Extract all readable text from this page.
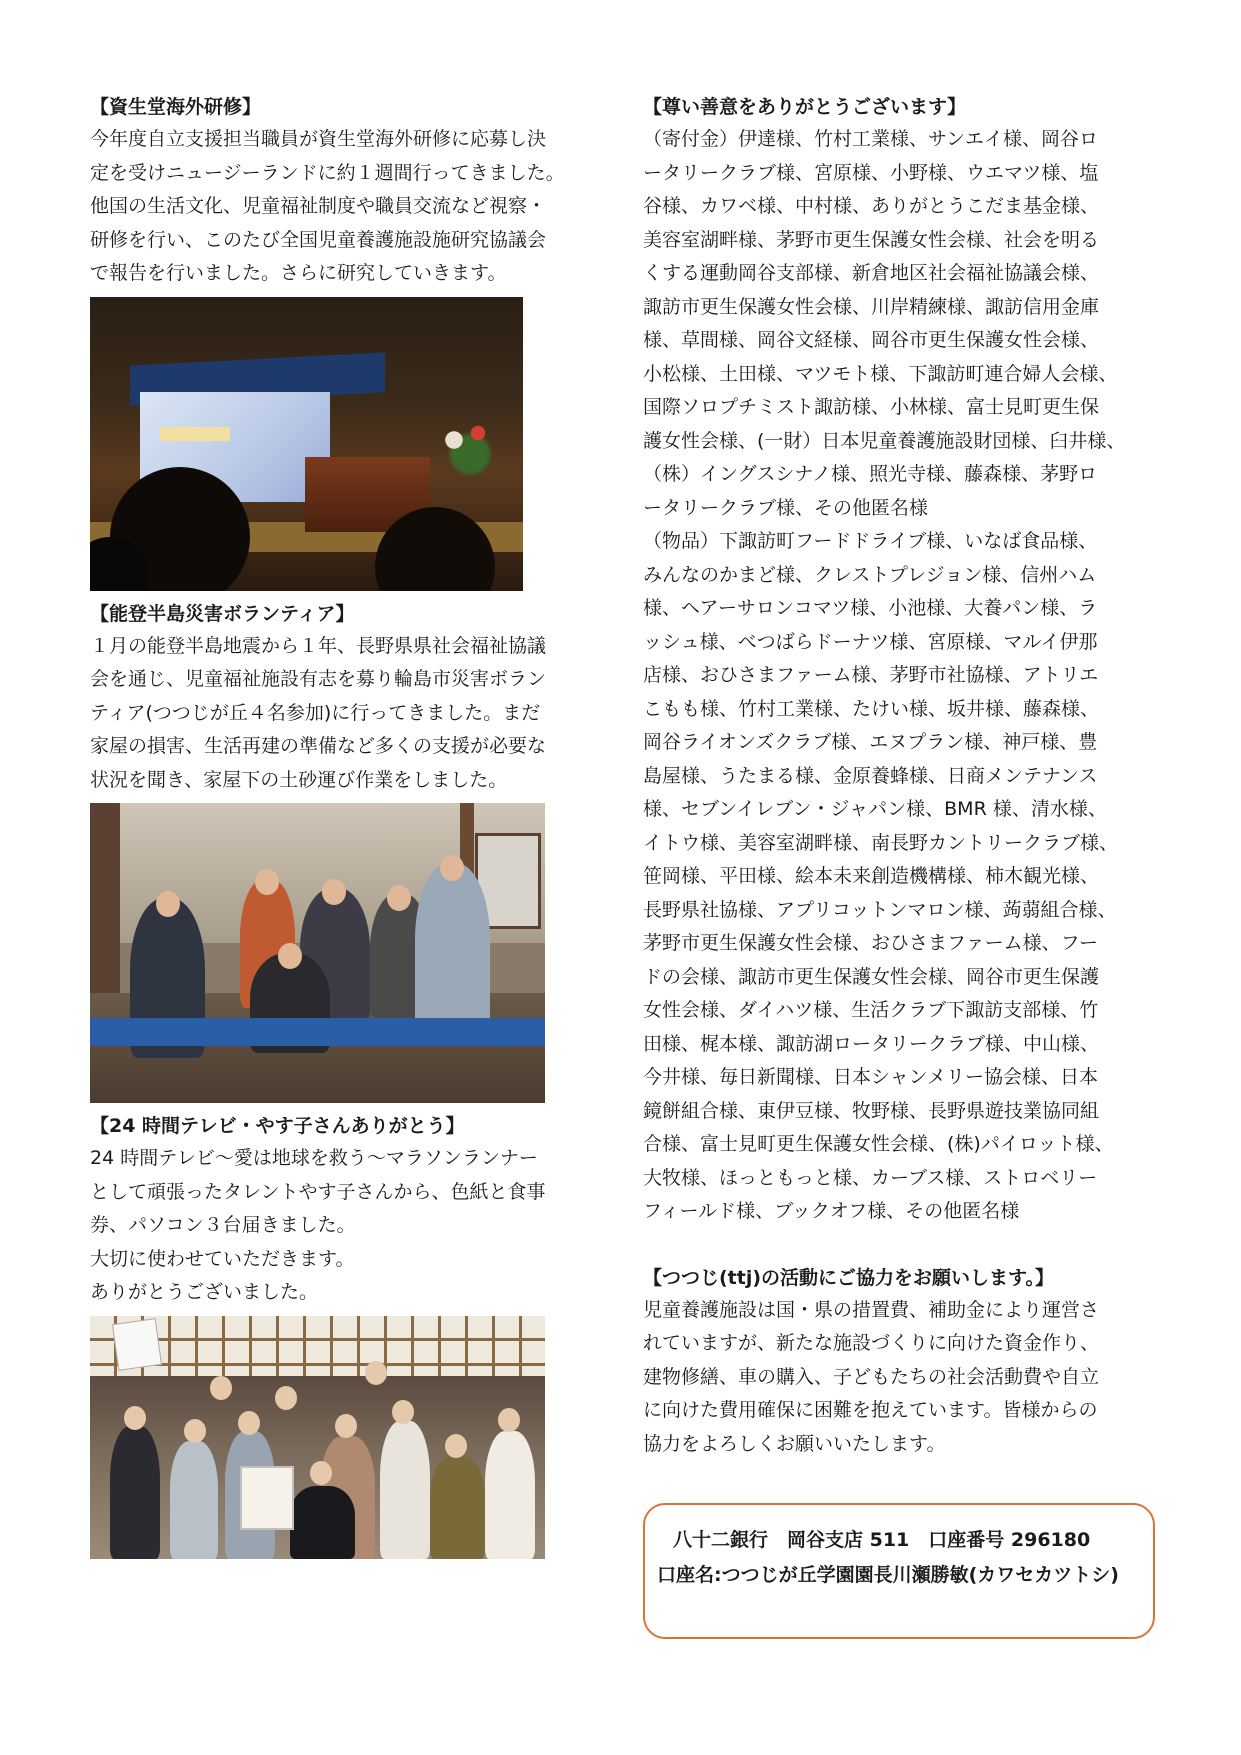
【資生堂海外研修】

今年度自立支援担当職員が資生堂海外研修に応募し決
定を受けニュージーランドに約１週間行ってきました。
他国の生活文化、児童福祉制度や職員交流など視察・
研修を行い、このたび全国児童養護施設施研究協議会
で報告を行いました。さらに研究していきます。

【能登半島災害ボランティア】

１月の能登半島地震から１年、長野県県社会福祉協議
会を通じ、児童福祉施設有志を募り輪島市災害ボラン
ティア(つつじが丘４名参加)に行ってきました。まだ
家屋の損害、生活再建の準備など多くの支援が必要な
状況を聞き、家屋下の土砂運び作業をしました。

【24 時間テレビ・やす子さんありがとう】

24 時間テレビ～愛は地球を救う～マラソンランナー
として頑張ったタレントやす子さんから、色紙と食事
券、パソコン３台届きました。
大切に使わせていただきます。
ありがとうございました。

【尊い善意をありがとうございます】

（寄付金）伊達様、竹村工業様、サンエイ様、岡谷ロ
ータリークラブ様、宮原様、小野様、ウエマツ様、塩
谷様、カワベ様、中村様、ありがとうこだま基金様、
美容室湖畔様、茅野市更生保護女性会様、社会を明る
くする運動岡谷支部様、新倉地区社会福祉協議会様、
諏訪市更生保護女性会様、川岸精練様、諏訪信用金庫
様、草間様、岡谷文経様、岡谷市更生保護女性会様、
小松様、土田様、マツモト様、下諏訪町連合婦人会様、
国際ソロプチミスト諏訪様、小林様、富士見町更生保
護女性会様、(一財）日本児童養護施設財団様、臼井様、
（株）イングスシナノ様、照光寺様、藤森様、茅野ロ
ータリークラブ様、その他匿名様
（物品）下諏訪町フードドライブ様、いなば食品様、
みんなのかまど様、クレストプレジョン様、信州ハム
様、ヘアーサロンコマツ様、小池様、大養パン様、ラ
ッシュ様、べつばらドーナツ様、宮原様、マルイ伊那
店様、おひさまファーム様、茅野市社協様、アトリエ
こもも様、竹村工業様、たけい様、坂井様、藤森様、
岡谷ライオンズクラブ様、エヌプラン様、神戸様、豊
島屋様、うたまる様、金原養蜂様、日商メンテナンス
様、セブンイレブン・ジャパン様、BMR 様、清水様、
イトウ様、美容室湖畔様、南長野カントリークラブ様、
笹岡様、平田様、絵本未来創造機構様、柿木観光様、
長野県社協様、アプリコットンマロン様、蒟蒻組合様、
茅野市更生保護女性会様、おひさまファーム様、フー
ドの会様、諏訪市更生保護女性会様、岡谷市更生保護
女性会様、ダイハツ様、生活クラブ下諏訪支部様、竹
田様、梶本様、諏訪湖ロータリークラブ様、中山様、
今井様、毎日新聞様、日本シャンメリー協会様、日本
鏡餅組合様、東伊豆様、牧野様、長野県遊技業協同組
合様、富士見町更生保護女性会様、(株)パイロット様、
大牧様、ほっともっと様、カーブス様、ストロベリー
フィールド様、ブックオフ様、その他匿名様

【つつじ(ttj)の活動にご協力をお願いします。】

児童養護施設は国・県の措置費、補助金により運営さ
れていますが、新たな施設づくりに向けた資金作り、
建物修繕、車の購入、子どもたちの社会活動費や自立
に向けた費用確保に困難を抱えています。皆様からの
協力をよろしくお願いいたします。

八十二銀行　岡谷支店 511　口座番号 296180
口座名:つつじが丘学園園長川瀬勝敏(カワセカツトシ)
